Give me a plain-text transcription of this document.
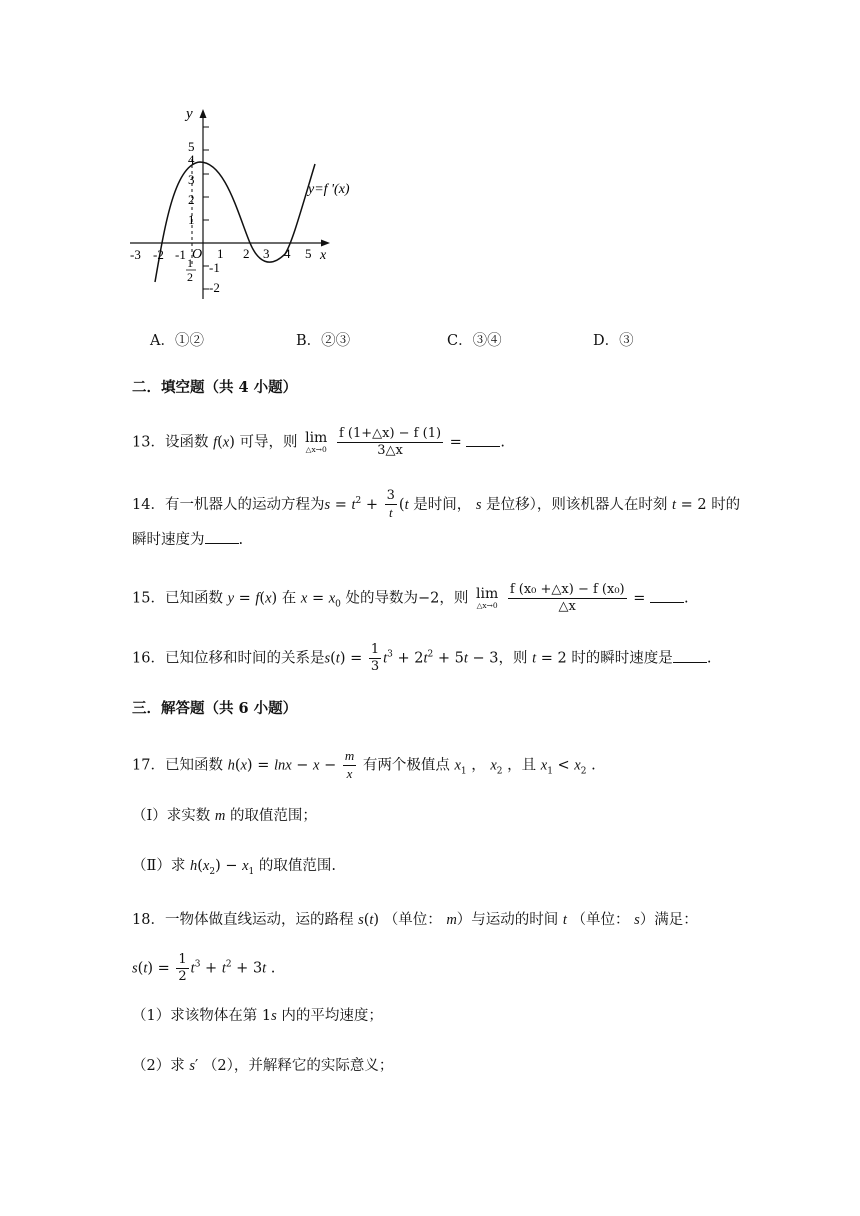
y
x
y=f '(x)
5
4
3
2
1
-3 -2 -1 O 1 2 3 4 5
1
2
-1
-2
A．①②	B．②③	C．③④	D．③
二．填空题（共 4 小题）
13．设函数 f(x) 可导，则 lim
△x→0
$\frac{f (1+\triangle x) - f (1)}{3\triangle x}$ = .
14．有一机器人的运动方程为$s = t^2 + \frac{3}{t} (t$ 是时间， s 是位移），则该机器人在时刻 t = 2 时的
瞬时速度为 .
15．已知函数 y = f(x) 在 $x = x_0$ 处的导数为−2，则 lim
△x→0
$\frac{\text{f (x₀ +△x) − f (x₀)}}{\triangle x}$ = .
16．已知位移和时间的关系是$s(t) = \frac{1}{3} t^3 + 2t^2 + 5t - 3$，则 t = 2 时的瞬时速度是 .
三．解答题（共 6 小题）
17．已知函数 $h(x) = \ln x - x - \frac{m}{x}$ 有两个极值点 $x_1$ ， $x_2$ ，且 $x_1 < x_2$ .
（Ⅰ）求实数 m 的取值范围；
（Ⅱ）求 $h(x_2) - x_1$ 的取值范围.
18．一物体做直线运动，运的路程 s(t) （单位： m）与运动的时间 t （单位： s）满足：
$s(t) = \frac{1}{2} t^3 + t^2 + 3t$ .
（1）求该物体在第 1s 内的平均速度；
（2）求 s′ （2），并解释它的实际意义；
